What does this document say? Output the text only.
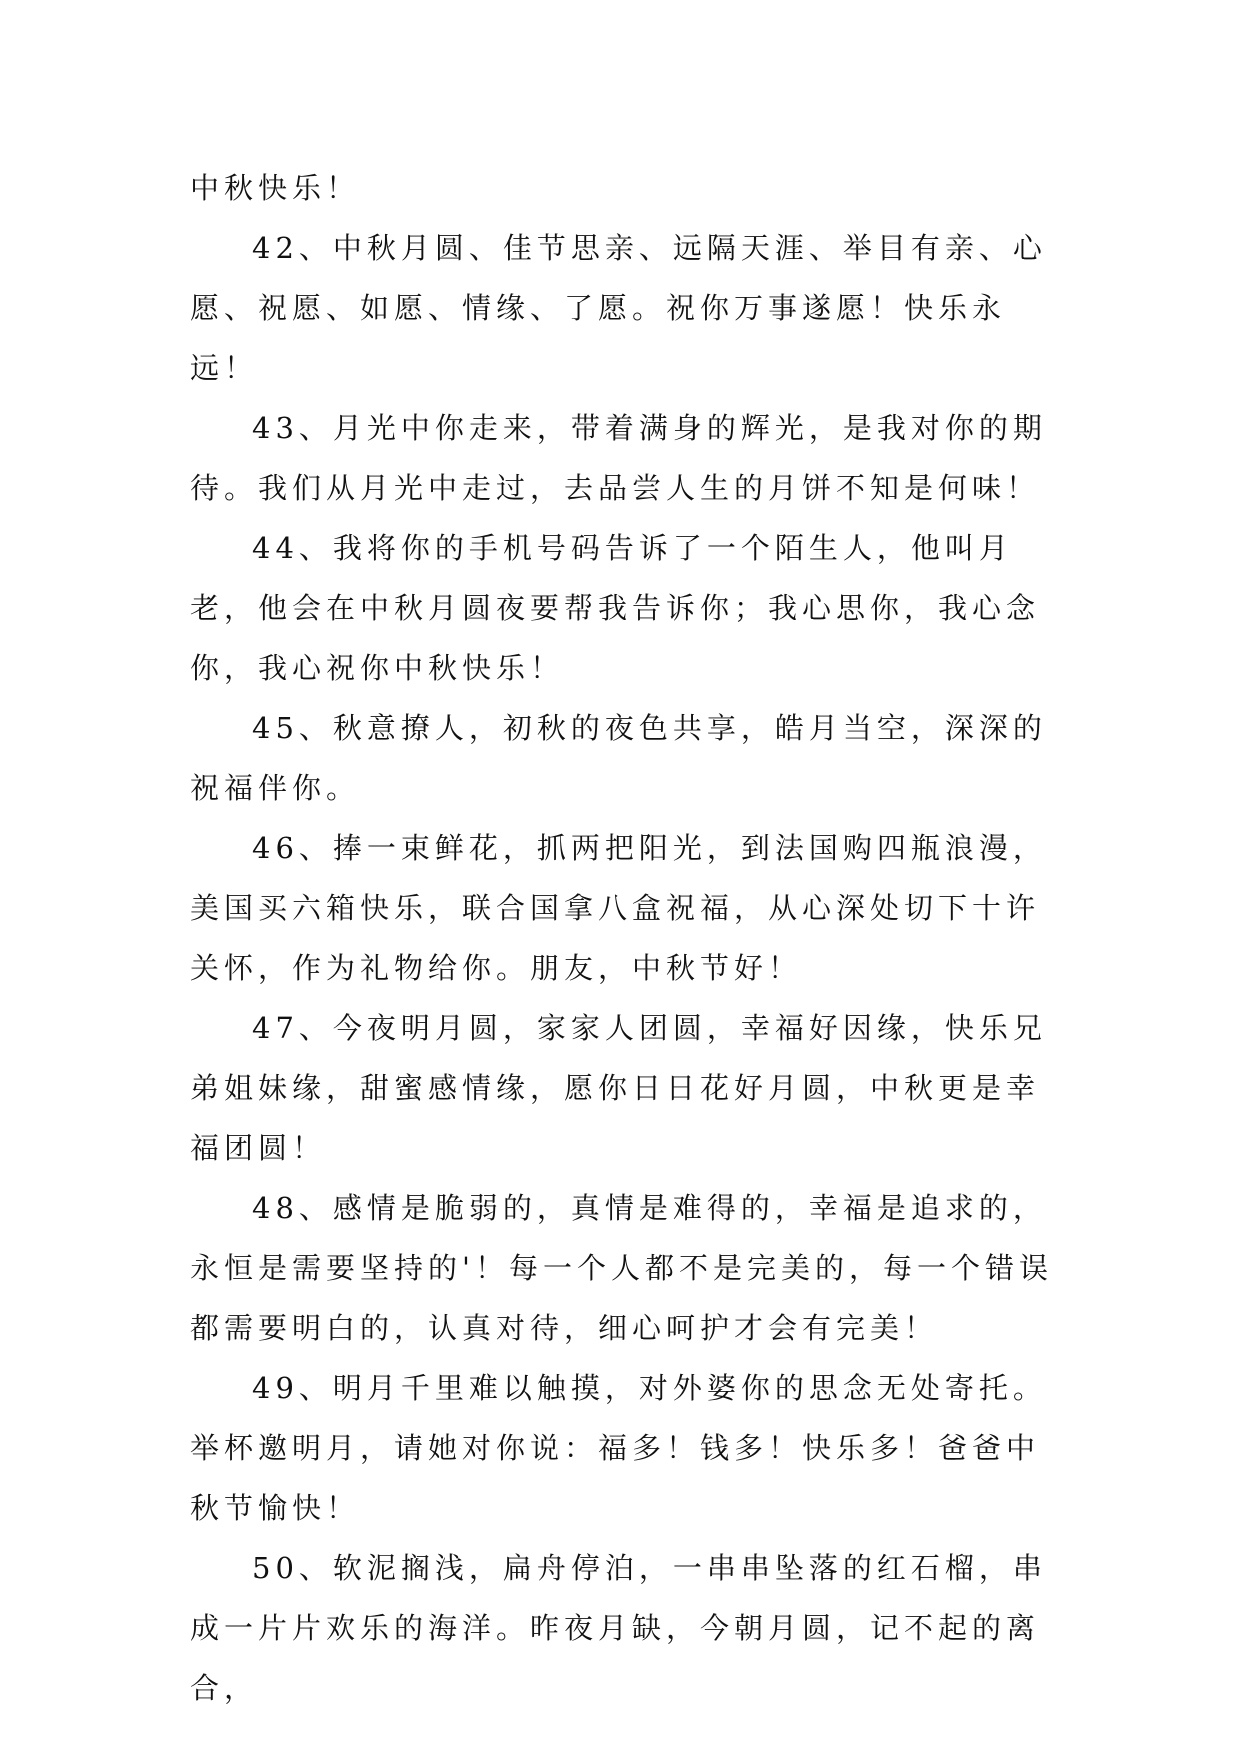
中秋快乐！

42、中秋月圆、佳节思亲、远隔天涯、举目有亲、心愿、祝愿、如愿、情缘、了愿。祝你万事遂愿！快乐永远！

43、月光中你走来，带着满身的辉光，是我对你的期待。我们从月光中走过，去品尝人生的月饼不知是何味！

44、我将你的手机号码告诉了一个陌生人，他叫月老，他会在中秋月圆夜要帮我告诉你；我心思你，我心念你，我心祝你中秋快乐！

45、秋意撩人，初秋的夜色共享，皓月当空，深深的祝福伴你。

46、捧一束鲜花，抓两把阳光，到法国购四瓶浪漫，美国买六箱快乐，联合国拿八盒祝福，从心深处切下十许关怀，作为礼物给你。朋友，中秋节好！

47、今夜明月圆，家家人团圆，幸福好因缘，快乐兄弟姐妹缘，甜蜜感情缘，愿你日日花好月圆，中秋更是幸福团圆！

48、感情是脆弱的，真情是难得的，幸福是追求的，永恒是需要坚持的'！每一个人都不是完美的，每一个错误都需要明白的，认真对待，细心呵护才会有完美！

49、明月千里难以触摸，对外婆你的思念无处寄托。举杯邀明月，请她对你说：福多！钱多！快乐多！爸爸中秋节愉快！

50、软泥搁浅，扁舟停泊，一串串坠落的红石榴，串成一片片欢乐的海洋。昨夜月缺，今朝月圆，记不起的离合，
